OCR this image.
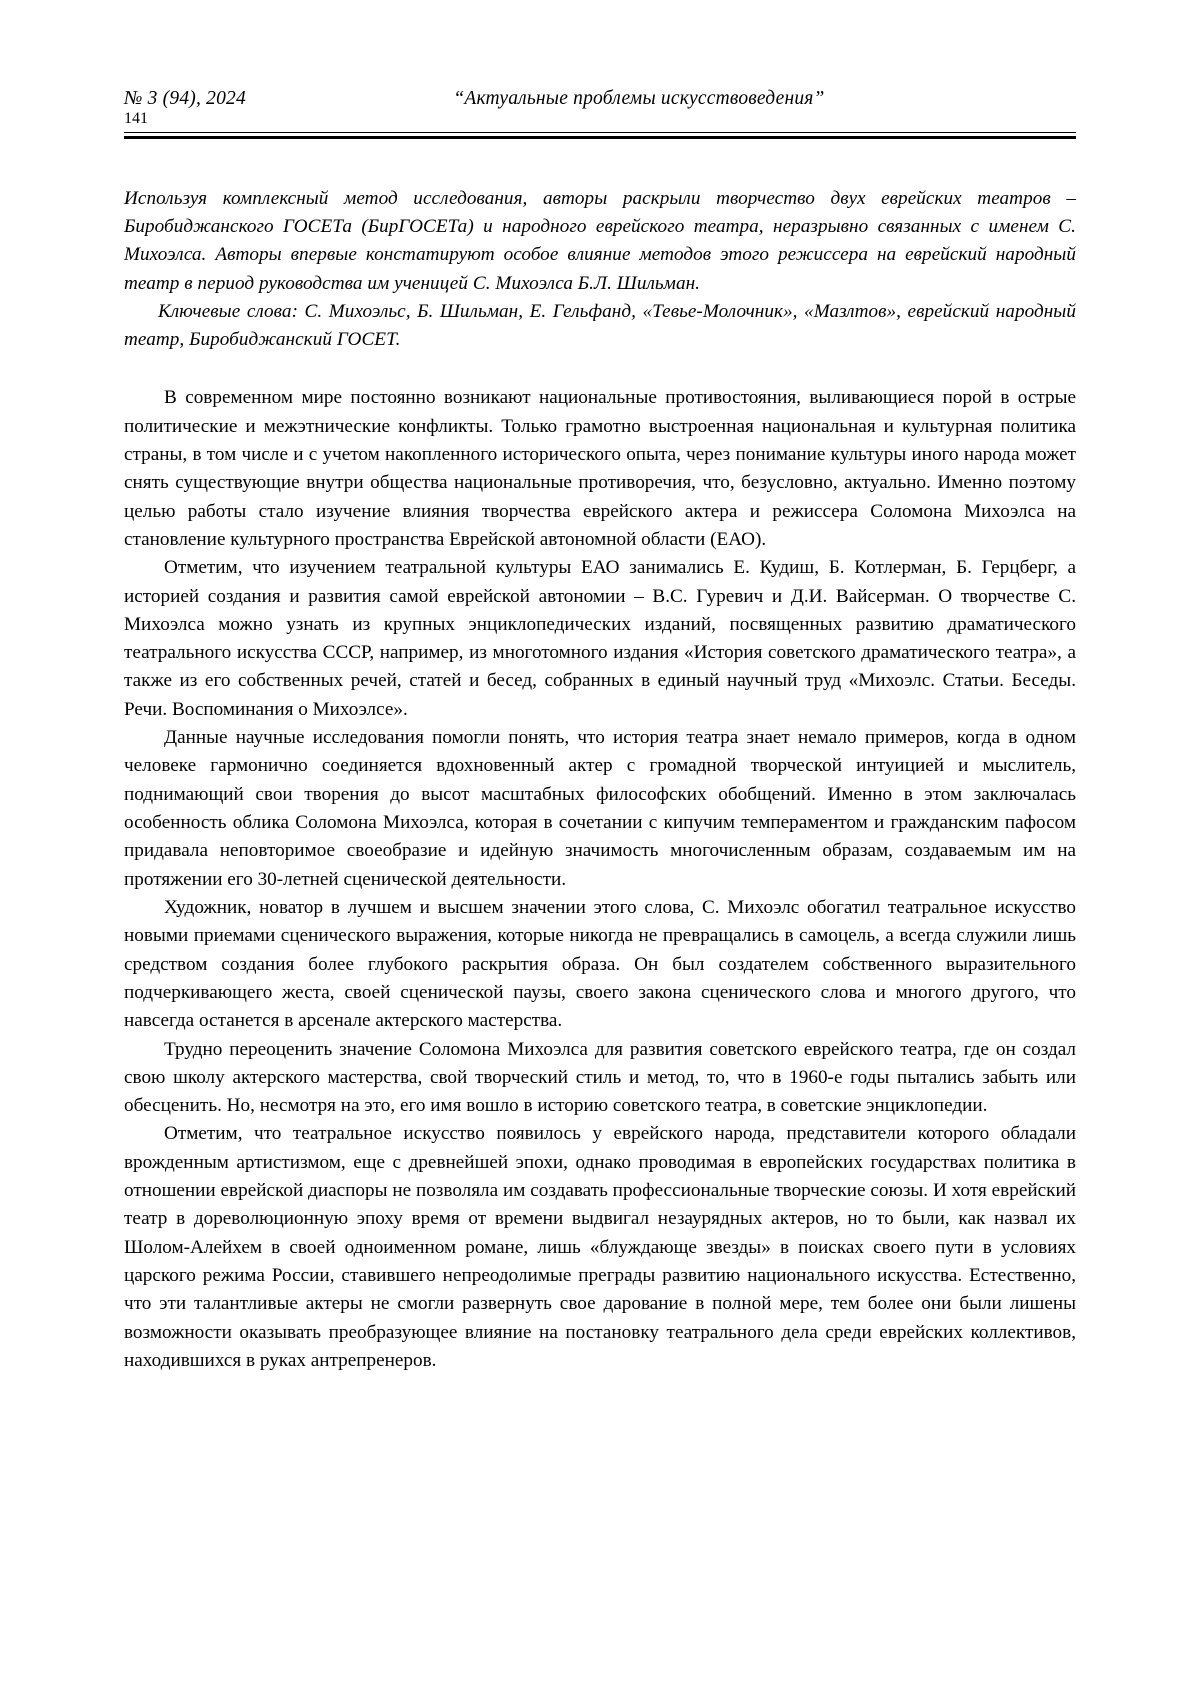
№ 3 (94), 2024	“Актуальные проблемы искусствоведения”
141

Используя комплексный метод исследования, авторы раскрыли творчество двух еврейских театров – Биробиджанского ГОСЕТа (БирГОСЕТа) и народного еврейского театра, неразрывно связанных с именем С. Михоэлса. Авторы впервые констатируют особое влияние методов этого режиссера на еврейский народный театр в период руководства им ученицей С. Михоэлса Б.Л. Шильман.

Ключевые слова: С. Михоэльс, Б. Шильман, Е. Гельфанд, «Тевье-Молочник», «Мазлтов», еврейский народный театр, Биробиджанский ГОСЕТ.

В современном мире постоянно возникают национальные противостояния, выливающиеся порой в острые политические и межэтнические конфликты. Только грамотно выстроенная национальная и культурная политика страны, в том числе и с учетом накопленного исторического опыта, через понимание культуры иного народа может снять существующие внутри общества национальные противоречия, что, безусловно, актуально. Именно поэтому целью работы стало изучение влияния творчества еврейского актера и режиссера Соломона Михоэлса на становление культурного пространства Еврейской автономной области (ЕАО).

Отметим, что изучением театральной культуры ЕАО занимались Е. Кудиш, Б. Котлерман, Б. Герцберг, а историей создания и развития самой еврейской автономии – В.С. Гуревич и Д.И. Вайсерман. О творчестве С. Михоэлса можно узнать из крупных энциклопедических изданий, посвященных развитию драматического театрального искусства СССР, например, из многотомного издания «История советского драматического театра», а также из его собственных речей, статей и бесед, собранных в единый научный труд «Михоэлс. Статьи. Беседы. Речи. Воспоминания о Михоэлсе».

Данные научные исследования помогли понять, что история театра знает немало примеров, когда в одном человеке гармонично соединяется вдохновенный актер с громадной творческой интуицией и мыслитель, поднимающий свои творения до высот масштабных философских обобщений. Именно в этом заключалась особенность облика Соломона Михоэлса, которая в сочетании с кипучим темпераментом и гражданским пафосом придавала неповторимое своеобразие и идейную значимость многочисленным образам, создаваемым им на протяжении его 30-летней сценической деятельности.

Художник, новатор в лучшем и высшем значении этого слова, С. Михоэлс обогатил театральное искусство новыми приемами сценического выражения, которые никогда не превращались в самоцель, а всегда служили лишь средством создания более глубокого раскрытия образа. Он был создателем собственного выразительного подчеркивающего жеста, своей сценической паузы, своего закона сценического слова и многого другого, что навсегда останется в арсенале актерского мастерства.

Трудно переоценить значение Соломона Михоэлса для развития советского еврейского театра, где он создал свою школу актерского мастерства, свой творческий стиль и метод, то, что в 1960-е годы пытались забыть или обесценить. Но, несмотря на это, его имя вошло в историю советского театра, в советские энциклопедии.

Отметим, что театральное искусство появилось у еврейского народа, представители которого обладали врожденным артистизмом, еще с древнейшей эпохи, однако проводимая в европейских государствах политика в отношении еврейской диаспоры не позволяла им создавать профессиональные творческие союзы. И хотя еврейский театр в дореволюционную эпоху время от времени выдвигал незаурядных актеров, но то были, как назвал их Шолом-Алейхем в своей одноименном романе, лишь «блуждающе звезды» в поисках своего пути в условиях царского режима России, ставившего непреодолимые преграды развитию национального искусства. Естественно, что эти талантливые актеры не смогли развернуть свое дарование в полной мере, тем более они были лишены возможности оказывать преобразующее влияние на постановку театрального дела среди еврейских коллективов, находившихся в руках антрепренеров.
